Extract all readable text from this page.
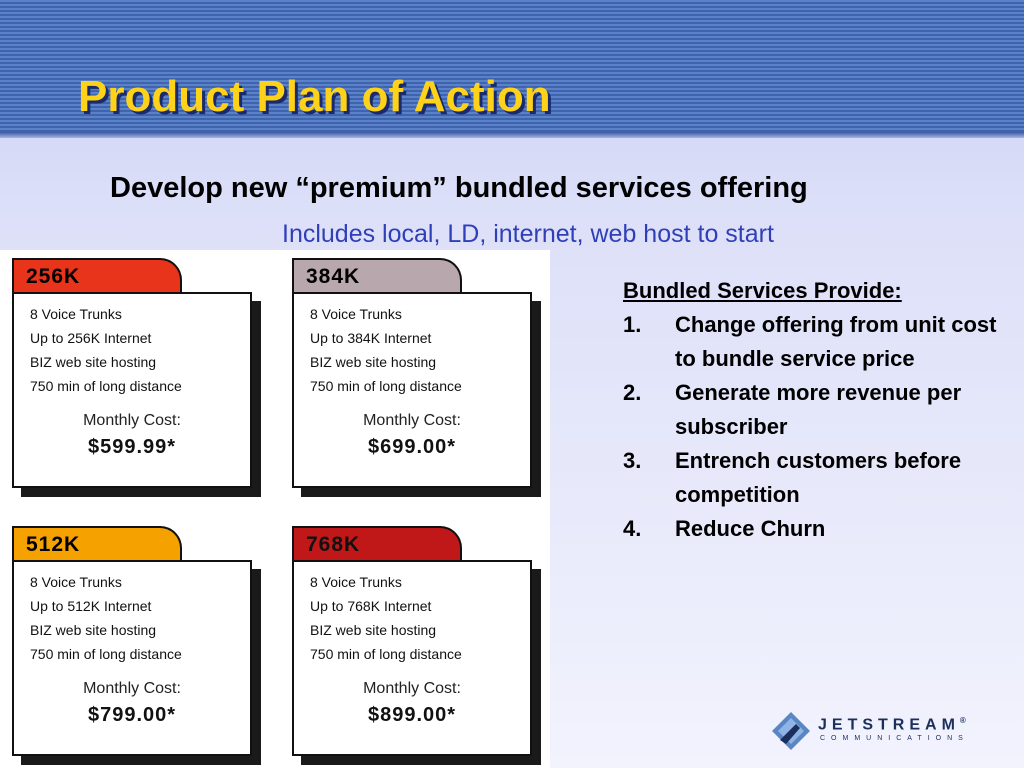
Product Plan of Action

Develop new “premium” bundled services offering

Includes local, LD, internet, web host to start

256K
8 Voice Trunks
Up to 256K Internet
BIZ web site hosting
750 min of long distance
Monthly Cost:
$599.99*
384K
8 Voice Trunks
Up to 384K Internet
BIZ web site hosting
750 min of long distance
Monthly Cost:
$699.00*
512K
8 Voice Trunks
Up to 512K Internet
BIZ web site hosting
750 min of long distance
Monthly Cost:
$799.00*
768K
8 Voice Trunks
Up to 768K Internet
BIZ web site hosting
750 min of long distance
Monthly Cost:
$899.00*

Bundled Services Provide:

1. Change offering from unit cost to bundle service price
2. Generate more revenue per subscriber
3. Entrench customers before competition
4. Reduce Churn
JETSTREAM®
COMMUNICATIONS
